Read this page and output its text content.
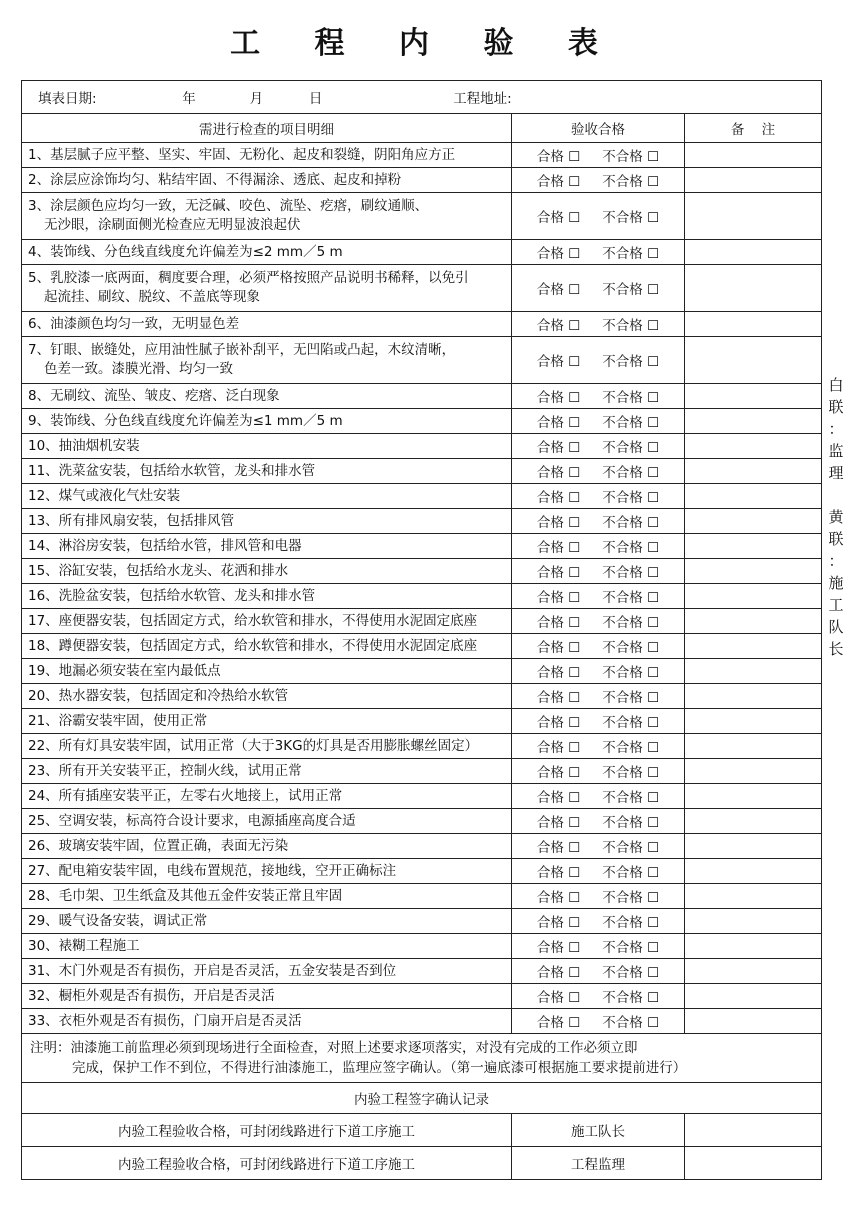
工 程 内 验 表
填表日期: 年 月 日 工程地址:		
需进行检查的项目明细	验收合格	备    注

1、基层腻子应平整、坚实、牢固、无粉化、起皮和裂缝，阴阳角应方正	合格 ☐ 不合格 ☐	

2、涂层应涂饰均匀、粘结牢固、不得漏涂、透底、起皮和掉粉	合格 ☐ 不合格 ☐	

3、涂层颜色应均匀一致，无泛碱、咬色、流坠、疙瘩，刷纹通顺、
无沙眼，涂刷面侧光检查应无明显波浪起伏	合格 ☐ 不合格 ☐	

4、装饰线、分色线直线度允许偏差为≤2 mm／5 m	合格 ☐ 不合格 ☐	

5、乳胶漆一底两面，稠度要合理，必须严格按照产品说明书稀释，以免引
起流挂、刷纹、脱纹、不盖底等现象	合格 ☐ 不合格 ☐	

6、油漆颜色均匀一致，无明显色差	合格 ☐ 不合格 ☐	

7、钉眼、嵌缝处，应用油性腻子嵌补刮平，无凹陷或凸起，木纹清晰，
色差一致。漆膜光滑、均匀一致	合格 ☐ 不合格 ☐	

8、无刷纹、流坠、皱皮、疙瘩、泛白现象	合格 ☐ 不合格 ☐	

9、装饰线、分色线直线度允许偏差为≤1 mm／5 m	合格 ☐ 不合格 ☐	

10、抽油烟机安装	合格 ☐ 不合格 ☐	

11、洗菜盆安装，包括给水软管，龙头和排水管	合格 ☐ 不合格 ☐	

12、煤气或液化气灶安装	合格 ☐ 不合格 ☐	

13、所有排风扇安装，包括排风管	合格 ☐ 不合格 ☐	

14、淋浴房安装，包括给水管，排风管和电器	合格 ☐ 不合格 ☐	

15、浴缸安装，包括给水龙头、花洒和排水	合格 ☐ 不合格 ☐	

16、洗脸盆安装，包括给水软管、龙头和排水管	合格 ☐ 不合格 ☐	

17、座便器安装，包括固定方式，给水软管和排水，不得使用水泥固定底座	合格 ☐ 不合格 ☐	

18、蹲便器安装，包括固定方式，给水软管和排水，不得使用水泥固定底座	合格 ☐ 不合格 ☐	

19、地漏必须安装在室内最低点	合格 ☐ 不合格 ☐	

20、热水器安装，包括固定和冷热给水软管	合格 ☐ 不合格 ☐	

21、浴霸安装牢固，使用正常	合格 ☐ 不合格 ☐	

22、所有灯具安装牢固，试用正常（大于3KG的灯具是否用膨胀螺丝固定）	合格 ☐ 不合格 ☐	

23、所有开关安装平正，控制火线，试用正常	合格 ☐ 不合格 ☐	

24、所有插座安装平正，左零右火地接上，试用正常	合格 ☐ 不合格 ☐	

25、空调安装，标高符合设计要求，电源插座高度合适	合格 ☐ 不合格 ☐	

26、玻璃安装牢固，位置正确，表面无污染	合格 ☐ 不合格 ☐	

27、配电箱安装牢固，电线布置规范，接地线，空开正确标注	合格 ☐ 不合格 ☐	

28、毛巾架、卫生纸盒及其他五金件安装正常且牢固	合格 ☐ 不合格 ☐	

29、暖气设备安装，调试正常	合格 ☐ 不合格 ☐	

30、裱糊工程施工	合格 ☐ 不合格 ☐	

31、木门外观是否有损伤，开启是否灵活，五金安装是否到位	合格 ☐ 不合格 ☐	

32、橱柜外观是否有损伤，开启是否灵活	合格 ☐ 不合格 ☐	

33、衣柜外观是否有损伤，门扇开启是否灵活	合格 ☐ 不合格 ☐	

注明：油漆施工前监理必须到现场进行全面检查，对照上述要求逐项落实，对没有完成的工作必须立即
完成，保护工作不到位，不得进行油漆施工，监理应签字确认。（第一遍底漆可根据施工要求提前进行）		

内验工程签字确认记录		
内验工程验收合格，可封闭线路进行下道工序施工	施工队长	
内验工程验收合格，可封闭线路进行下道工序施工	工程监理	
白
联
：
监
理
黄
联
：
施
工
队
长
